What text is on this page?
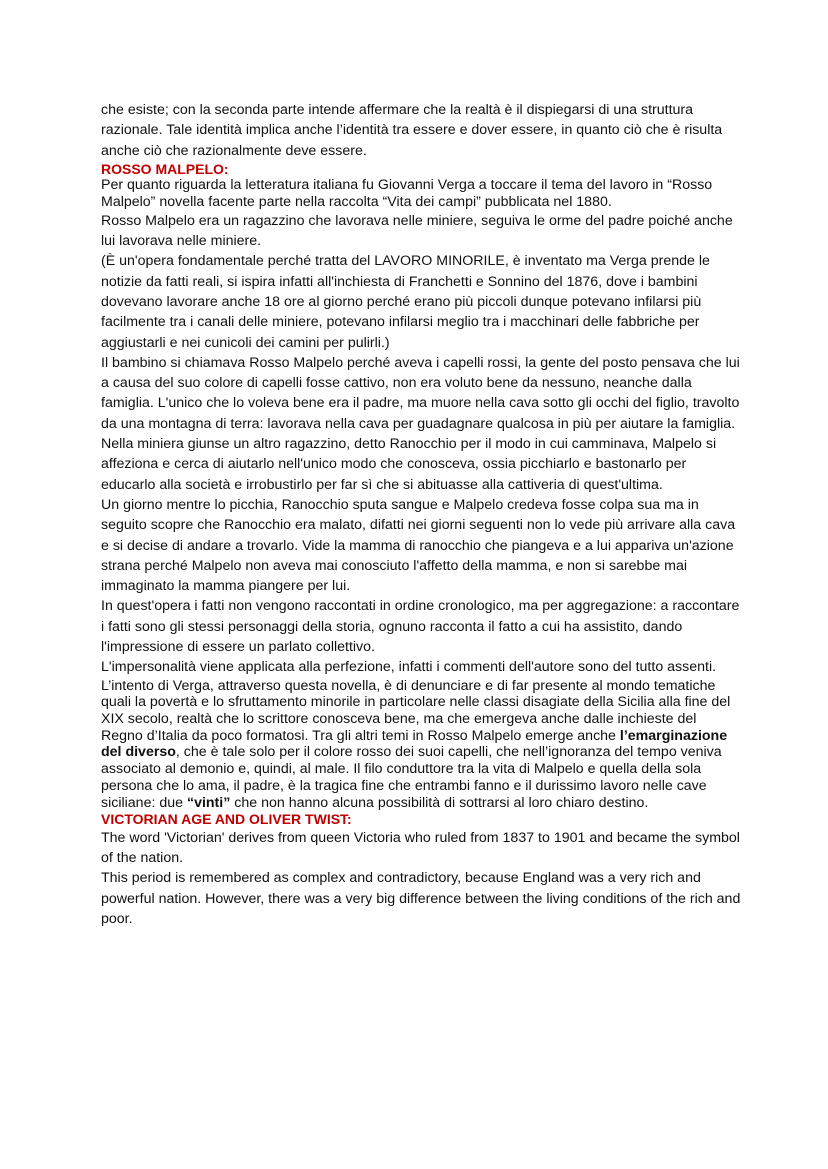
che esiste; con la seconda parte intende affermare che la realtà è il dispiegarsi di una struttura razionale. Tale identità implica anche l’identità tra essere e dover essere, in quanto ciò che è risulta anche ciò che razionalmente deve essere.

ROSSO MALPELO:

Per quanto riguarda la letteratura italiana fu Giovanni Verga a toccare il tema del lavoro in “Rosso Malpelo” novella facente parte nella raccolta “Vita dei campi” pubblicata nel 1880.

Rosso Malpelo era un ragazzino che lavorava nelle miniere, seguiva le orme del padre poiché anche lui lavorava nelle miniere.

(È un'opera fondamentale perché tratta del LAVORO MINORILE, è inventato ma Verga prende le notizie da fatti reali, si ispira infatti all'inchiesta di Franchetti e Sonnino del 1876, dove i bambini dovevano lavorare anche 18 ore al giorno perché erano più piccoli dunque potevano infilarsi più facilmente tra i canali delle miniere, potevano infilarsi meglio tra i macchinari delle fabbriche per aggiustarli e nei cunicoli dei camini per pulirli.)

Il bambino si chiamava Rosso Malpelo perché aveva i capelli rossi, la gente del posto pensava che lui a causa del suo colore di capelli fosse cattivo, non era voluto bene da nessuno, neanche dalla famiglia. L'unico che lo voleva bene era il padre, ma muore nella cava sotto gli occhi del figlio, travolto da una montagna di terra: lavorava nella cava per guadagnare qualcosa in più per aiutare la famiglia.

Nella miniera giunse un altro ragazzino, detto Ranocchio per il modo in cui camminava, Malpelo si affeziona e cerca di aiutarlo nell'unico modo che conosceva, ossia picchiarlo e bastonarlo per educarlo alla società e irrobustirlo per far sì che si abituasse alla cattiveria di quest'ultima.

Un giorno mentre lo picchia, Ranocchio sputa sangue e Malpelo credeva fosse colpa sua ma in seguito scopre che Ranocchio era malato, difatti nei giorni seguenti non lo vede più arrivare alla cava e si decise di andare a trovarlo. Vide la mamma di ranocchio che piangeva e a lui appariva un'azione strana perché Malpelo non aveva mai conosciuto l'affetto della mamma, e non si sarebbe mai immaginato la mamma piangere per lui.

In quest'opera i fatti non vengono raccontati in ordine cronologico, ma per aggregazione: a raccontare i fatti sono gli stessi personaggi della storia, ognuno racconta il fatto a cui ha assistito, dando l'impressione di essere un parlato collettivo.

L'impersonalità viene applicata alla perfezione, infatti i commenti dell'autore sono del tutto assenti.

L’intento di Verga, attraverso questa novella, è di denunciare e di far presente al mondo tematiche quali la povertà e lo sfruttamento minorile in particolare nelle classi disagiate della Sicilia alla fine del XIX secolo, realtà che lo scrittore conosceva bene, ma che emergeva anche dalle inchieste del Regno d’Italia da poco formatosi. Tra gli altri temi in Rosso Malpelo emerge anche l’emarginazione del diverso, che è tale solo per il colore rosso dei suoi capelli, che nell’ignoranza del tempo veniva associato al demonio e, quindi, al male. Il filo conduttore tra la vita di Malpelo e quella della sola persona che lo ama, il padre, è la tragica fine che entrambi fanno e il durissimo lavoro nelle cave siciliane: due “vinti” che non hanno alcuna possibilità di sottrarsi al loro chiaro destino.

VICTORIAN AGE AND OLIVER TWIST:

The word 'Victorian' derives from queen Victoria who ruled from 1837 to 1901 and became the symbol of the nation.

This period is remembered as complex and contradictory, because England was a very rich and powerful nation. However, there was a very big difference between the living conditions of the rich and poor.
